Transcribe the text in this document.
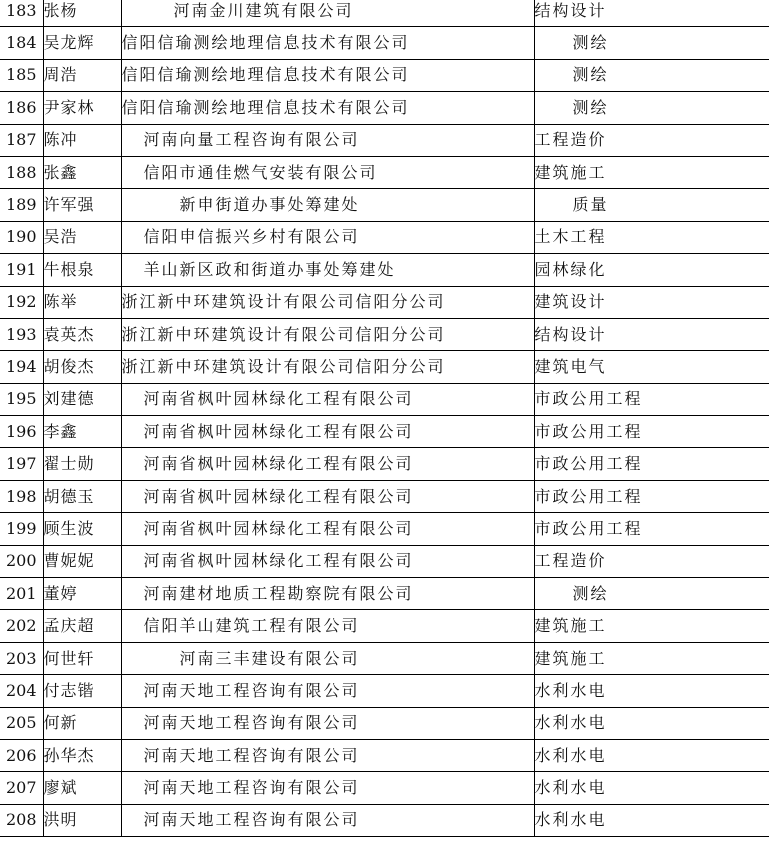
183	张杨	河南金川建筑有限公司	结构设计
184	吴龙辉	信阳信瑜测绘地理信息技术有限公司	测绘
185	周浩	信阳信瑜测绘地理信息技术有限公司	测绘
186	尹家林	信阳信瑜测绘地理信息技术有限公司	测绘
187	陈冲	河南向量工程咨询有限公司	工程造价
188	张鑫	信阳市通佳燃气安装有限公司	建筑施工
189	许军强	新申街道办事处筹建处	质量
190	吴浩	信阳申信振兴乡村有限公司	土木工程
191	牛根泉	羊山新区政和街道办事处筹建处	园林绿化
192	陈举	浙江新中环建筑设计有限公司信阳分公司	建筑设计
193	袁英杰	浙江新中环建筑设计有限公司信阳分公司	结构设计
194	胡俊杰	浙江新中环建筑设计有限公司信阳分公司	建筑电气
195	刘建德	河南省枫叶园林绿化工程有限公司	市政公用工程
196	李鑫	河南省枫叶园林绿化工程有限公司	市政公用工程
197	翟士勋	河南省枫叶园林绿化工程有限公司	市政公用工程
198	胡德玉	河南省枫叶园林绿化工程有限公司	市政公用工程
199	顾生波	河南省枫叶园林绿化工程有限公司	市政公用工程
200	曹妮妮	河南省枫叶园林绿化工程有限公司	工程造价
201	董婷	河南建材地质工程勘察院有限公司	测绘
202	孟庆超	信阳羊山建筑工程有限公司	建筑施工
203	何世轩	河南三丰建设有限公司	建筑施工
204	付志锴	河南天地工程咨询有限公司	水利水电
205	何新	河南天地工程咨询有限公司	水利水电
206	孙华杰	河南天地工程咨询有限公司	水利水电
207	廖斌	河南天地工程咨询有限公司	水利水电
208	洪明	河南天地工程咨询有限公司	水利水电
